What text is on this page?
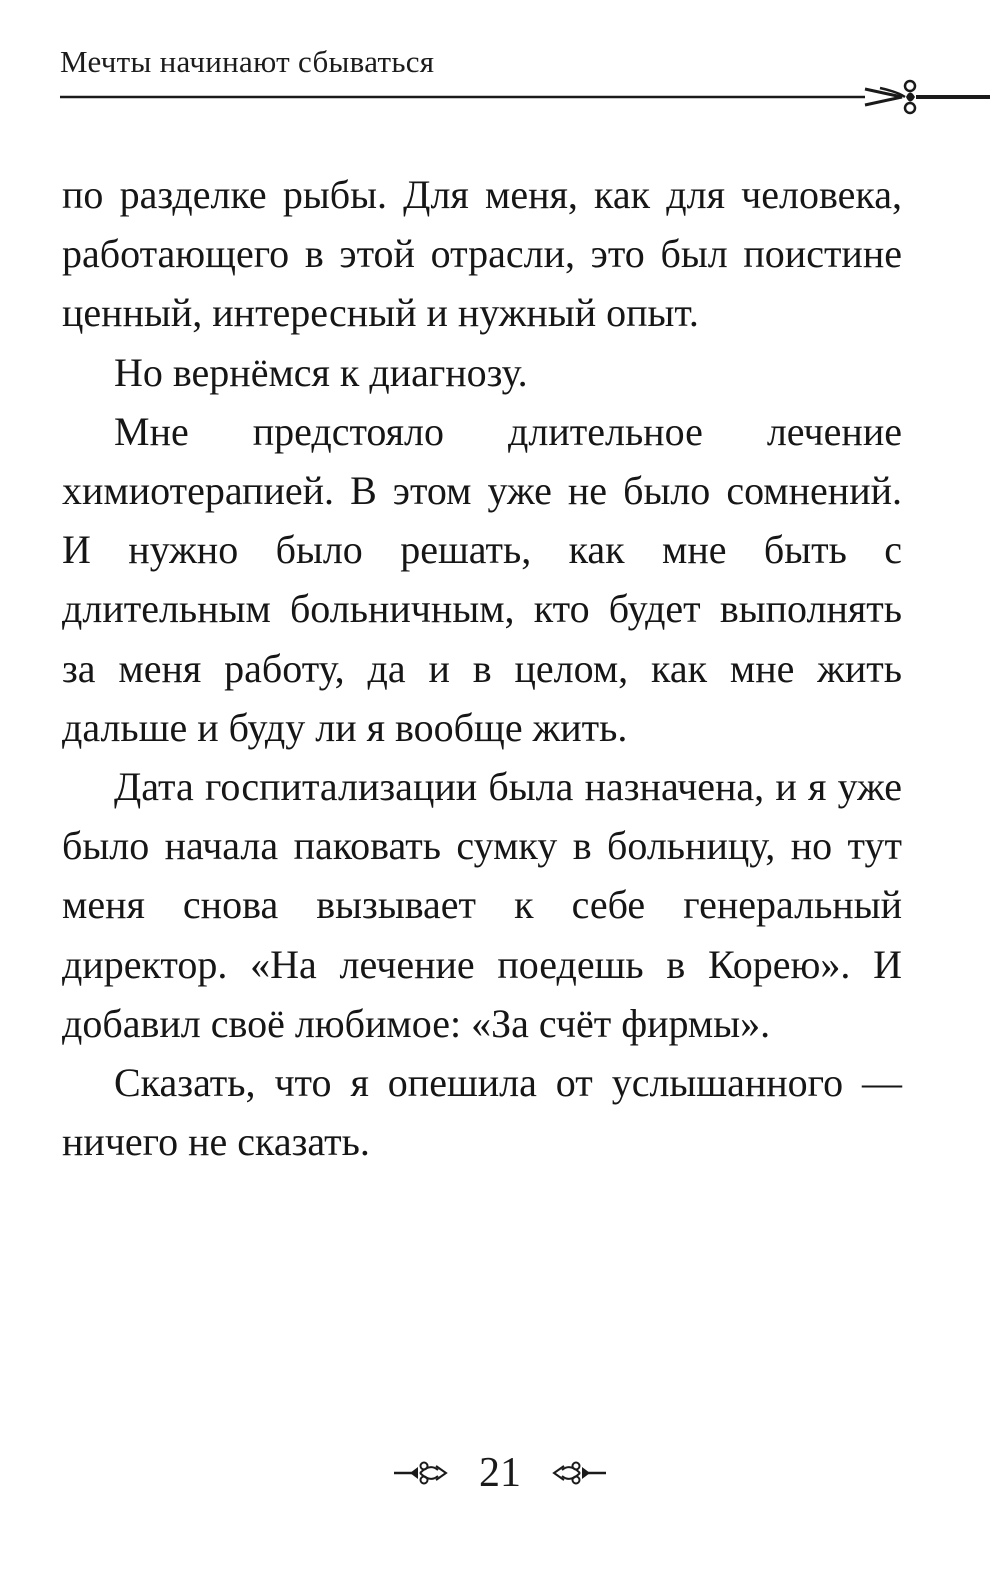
Мечты начинают сбываться

по разделке рыбы. Для меня, как для человека, работающего в этой отрасли, это был поистине ценный, интересный и нужный опыт.

Но вернёмся к диагнозу.

Мне предстояло длительное лечение химиотерапией. В этом уже не было сомнений. И нужно было решать, как мне быть с длительным больничным, кто будет выполнять за меня работу, да и в целом, как мне жить дальше и буду ли я вообще жить.

Дата госпитализации была назначена, и я уже было начала паковать сумку в больницу, но тут меня снова вызывает к себе генеральный директор. «На лечение поедешь в Корею». И добавил своё любимое: «За счёт фирмы».

Сказать, что я опешила от услышанного — ничего не сказать.

21
